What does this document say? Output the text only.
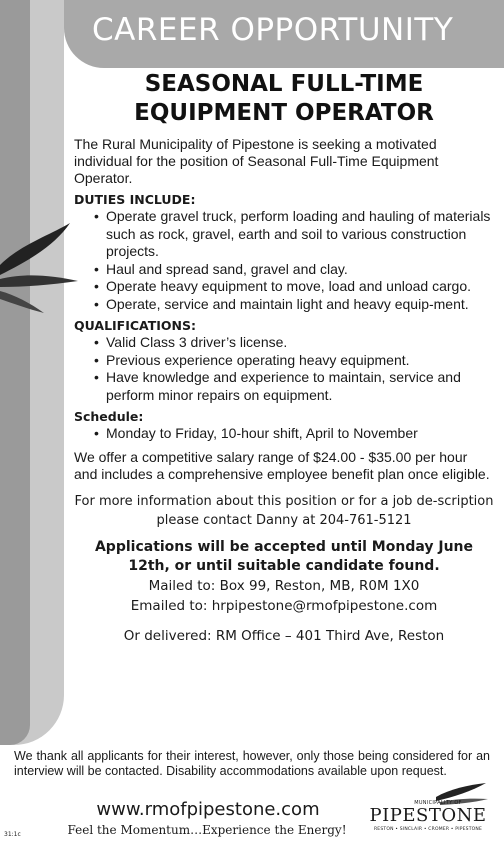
CAREER OPPORTUNITY
SEASONAL FULL-TIME
EQUIPMENT OPERATOR

The Rural Municipality of Pipestone is seeking a motivated individual for the position of Seasonal Full-Time Equipment Operator.

DUTIES INCLUDE:
• Operate gravel truck, perform loading and hauling of materials such as rock, gravel, earth and soil to various construction projects.
• Haul and spread sand, gravel and clay.
• Operate heavy equipment to move, load and unload cargo.
• Operate, service and maintain light and heavy equip-ment.
QUALIFICATIONS:
• Valid Class 3 driver’s license.
• Previous experience operating heavy equipment.
• Have knowledge and experience to maintain, service and perform minor repairs on equipment.
Schedule:
• Monday to Friday, 10-hour shift, April to November

We offer a competitive salary range of $24.00 - $35.00 per hour and includes a comprehensive employee benefit plan once eligible.

For more information about this position or for a job de-scription please contact Danny at 204-761-5121

Applications will be accepted until Monday June 12th, or until suitable candidate found.

Mailed to: Box 99, Reston, MB, R0M 1X0
Emailed to: hrpipestone@rmofpipestone.com
Or delivered: RM Office – 401 Third Ave, Reston

We thank all applicants for their interest, however, only those being considered for an interview will be contacted. Disability accommodations available upon request.

www.rmofpipestone.com
Feel the Momentum…Experience the Energy!
31:1c
MUNICIPALITY OF
PIPESTONE
RESTON • SINCLAIR • CROMER • PIPESTONE
